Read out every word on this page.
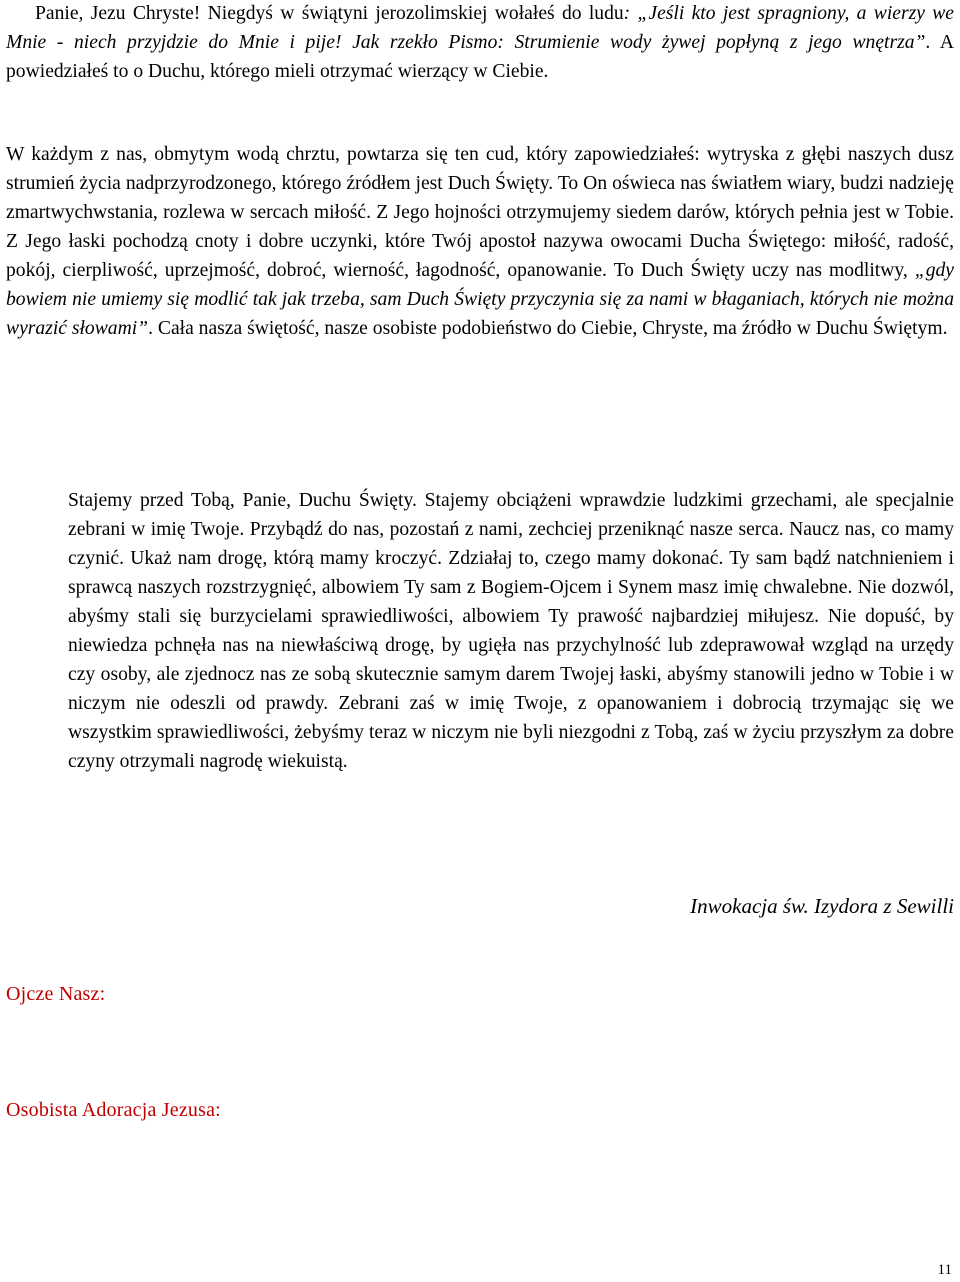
Panie, Jezu Chryste! Niegdyś w świątyni jerozolimskiej wołałeś do ludu: „Jeśli kto jest spragniony, a wierzy we Mnie - niech przyjdzie do Mnie i pije! Jak rzekło Pismo: Strumienie wody żywej popłyną z jego wnętrza”. A powiedziałeś to o Duchu, którego mieli otrzymać wierzący w Ciebie.

W każdym z nas, obmytym wodą chrztu, powtarza się ten cud, który zapowiedziałeś: wytryska z głębi naszych dusz strumień życia nadprzyrodzonego, którego źródłem jest Duch Święty. To On oświeca nas światłem wiary, budzi nadzieję zmartwychwstania, rozlewa w sercach miłość. Z Jego hojności otrzymujemy siedem darów, których pełnia jest w Tobie. Z Jego łaski pochodzą cnoty i dobre uczynki, które Twój apostoł nazywa owocami Ducha Świętego: miłość, radość, pokój, cierpliwość, uprzejmość, dobroć, wierność, łagodność, opanowanie. To Duch Święty uczy nas modlitwy, „gdy bowiem nie umiemy się modlić tak jak trzeba, sam Duch Święty przyczynia się za nami w błaganiach, których nie można wyrazić słowami”. Cała nasza świętość, nasze osobiste podobieństwo do Ciebie, Chryste, ma źródło w Duchu Świętym.

Stajemy przed Tobą, Panie, Duchu Święty. Stajemy obciążeni wprawdzie ludzkimi grzechami, ale specjalnie zebrani w imię Twoje. Przybądź do nas, pozostań z nami, zechciej przeniknąć nasze serca. Naucz nas, co mamy czynić. Ukaż nam drogę, którą mamy kroczyć. Zdziałaj to, czego mamy dokonać. Ty sam bądź natchnieniem i sprawcą naszych rozstrzygnięć, albowiem Ty sam z Bogiem-Ojcem i Synem masz imię chwalebne. Nie dozwól, abyśmy stali się burzycielami sprawiedliwości, albowiem Ty prawość najbardziej miłujesz. Nie dopuść, by niewiedza pchnęła nas na niewłaściwą drogę, by ugięła nas przychylność lub zdeprawował wzgląd na urzędy czy osoby, ale zjednocz nas ze sobą skutecznie samym darem Twojej łaski, abyśmy stanowili jedno w Tobie i w niczym nie odeszli od prawdy. Zebrani zaś w imię Twoje, z opanowaniem i dobrocią trzymając się we wszystkim sprawiedliwości, żebyśmy teraz w niczym nie byli niezgodni z Tobą, zaś w życiu przyszłym za dobre czyny otrzymali nagrodę wiekuistą.

Inwokacja św. Izydora z Sewilli

Ojcze Nasz:

Osobista Adoracja Jezusa:

11
